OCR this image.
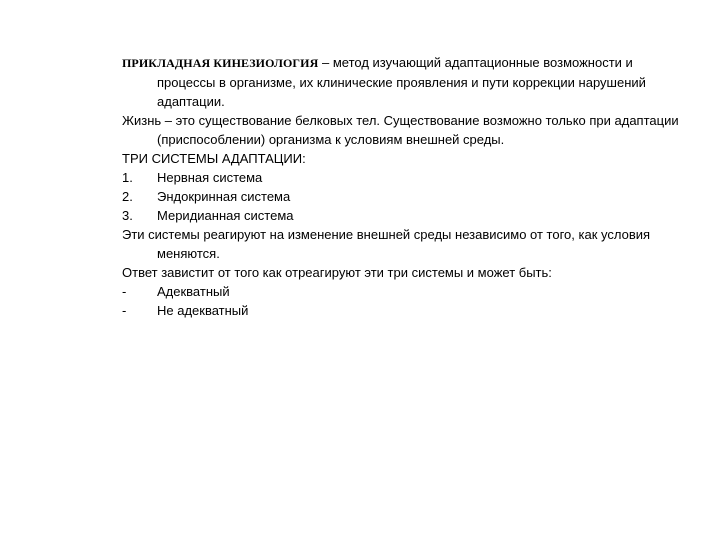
ПРИКЛАДНАЯ КИНЕЗИОЛОГИЯ – метод изучающий адаптационные возможности и процессы в организме, их клинические проявления и пути коррекции нарушений адаптации.

Жизнь – это существование белковых тел. Существование возможно только при адаптации (приспособлении) организма к условиям внешней среды.

ТРИ СИСТЕМЫ АДАПТАЦИИ:

1.	Нервная система
2.	Эндокринная система
3.	Меридианная система

Эти системы реагируют на изменение внешней среды независимо от того, как условия меняются.

Ответ завистит от того как отреагируют эти три системы и может быть:

-	Адекватный
-	Не адекватный
